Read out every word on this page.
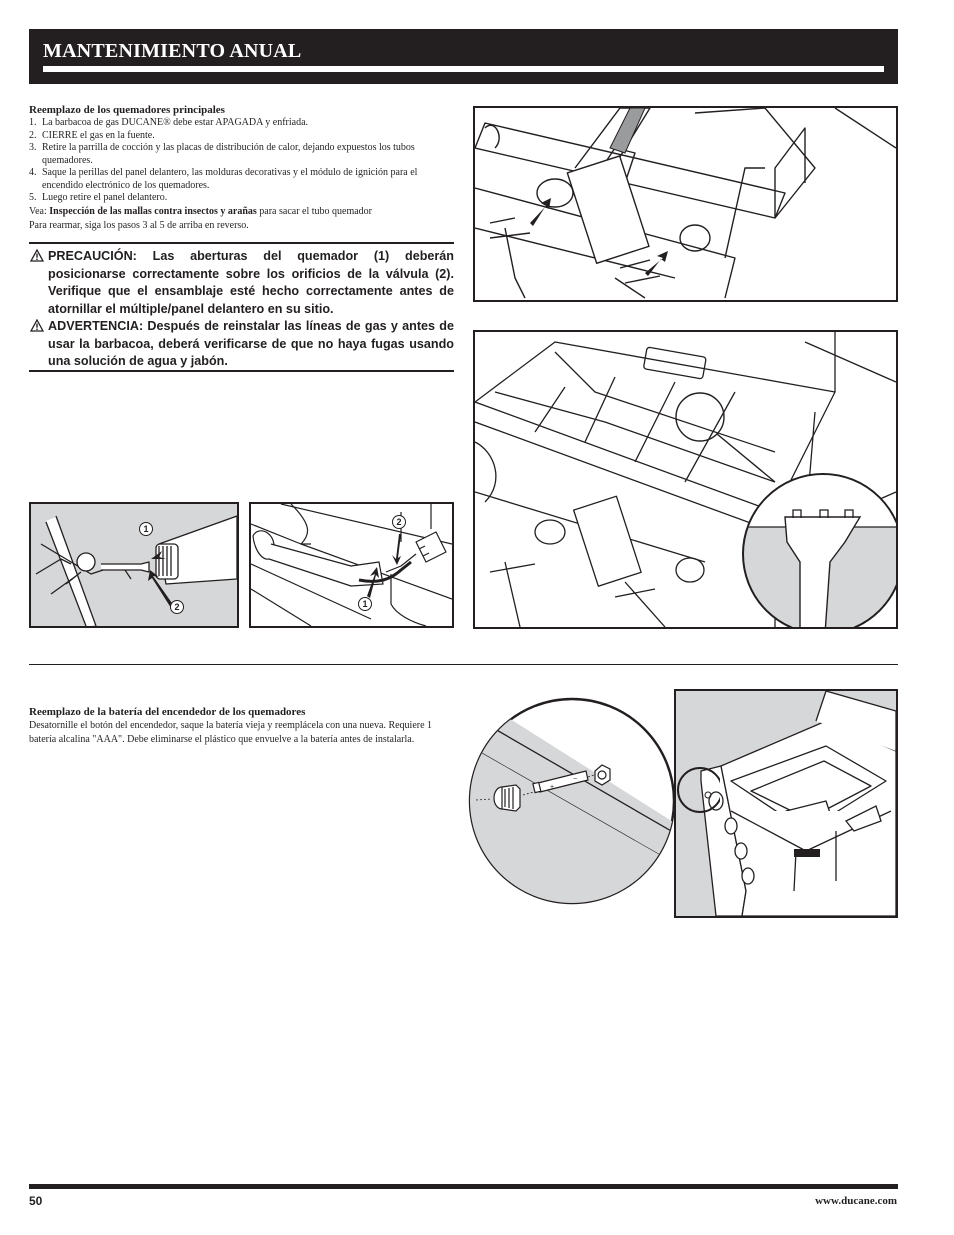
MANTENIMIENTO ANUAL
Reemplazo de los quemadores principales
1. La barbacoa de gas DUCANE® debe estar APAGADA y enfriada.
2. CIERRE el gas en la fuente.
3. Retire la parrilla de cocción y las placas de distribución de calor, dejando expuestos los tubos quemadores.
4. Saque la perillas del panel delantero, las molduras decorativas y el módulo de ignición para el encendido electrónico de los quemadores.
5. Luego retire el panel delantero.
Vea: Inspección de las mallas contra insectos y arañas para sacar el tubo quemador
Para rearmar, siga los pasos 3 al 5 de arriba en reverso.
PRECAUCIÓN: Las aberturas del quemador (1) deberán posicionarse correctamente sobre los orificios de la válvula (2). Verifique que el ensamblaje esté hecho correctamente antes de atornillar el múltiple/panel delantero en su sitio.
ADVERTENCIA: Después de reinstalar las líneas de gas y antes de usar la barbacoa, deberá verificarse de que no haya fugas usando una solución de agua y jabón.
1
2
2
1
Reemplazo de la batería del encendedor de los quemadores
Desatornille el botón del encendedor, saque la batería vieja y reemplácela con una nueva. Requiere 1 batería alcalina "AAA". Debe eliminarse el plástico que envuelve a la batería antes de instalarla.
+
−
50	www.ducane.com
